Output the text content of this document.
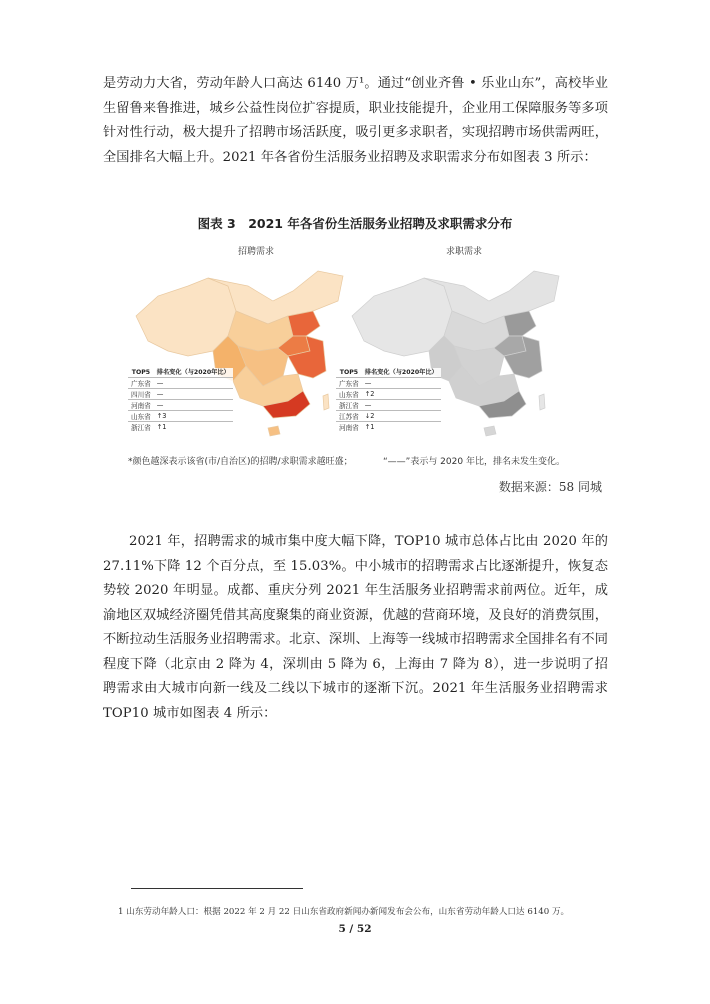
是劳动力大省，劳动年龄人口高达 6140 万¹。通过“创业齐鲁 • 乐业山东”，高校毕业生留鲁来鲁推进，城乡公益性岗位扩容提质，职业技能提升，企业用工保障服务等多项针对性行动，极大提升了招聘市场活跃度，吸引更多求职者，实现招聘市场供需两旺，全国排名大幅上升。2021 年各省份生活服务业招聘及求职需求分布如图表 3 所示：

图表 3　2021 年各省份生活服务业招聘及求职需求分布
招聘需求
TOP5	排名变化（与2020年比）
广东省	—
四川省	—
河南省	—
山东省	↑3
浙江省	↑1
求职需求
TOP5	排名变化（与2020年比）
广东省	—
山东省	↑2
浙江省	—
江苏省	↓2
河南省	↑1
*颜色越深表示该省(市/自治区)的招聘/求职需求越旺盛；	“——”表示与 2020 年比，排名未发生变化。
数据来源：58 同城

2021 年，招聘需求的城市集中度大幅下降，TOP10 城市总体占比由 2020 年的 27.11%下降 12 个百分点，至 15.03%。中小城市的招聘需求占比逐渐提升，恢复态势较 2020 年明显。成都、重庆分列 2021 年生活服务业招聘需求前两位。近年，成渝地区双城经济圈凭借其高度聚集的商业资源，优越的营商环境，及良好的消费氛围，不断拉动生活服务业招聘需求。北京、深圳、上海等一线城市招聘需求全国排名有不同程度下降（北京由 2 降为 4，深圳由 5 降为 6，上海由 7 降为 8），进一步说明了招聘需求由大城市向新一线及二线以下城市的逐渐下沉。2021 年生活服务业招聘需求 TOP10 城市如图表 4 所示：

1 山东劳动年龄人口：根据 2022 年 2 月 22 日山东省政府新闻办新闻发布会公布，山东省劳动年龄人口达 6140 万。
5 / 52
